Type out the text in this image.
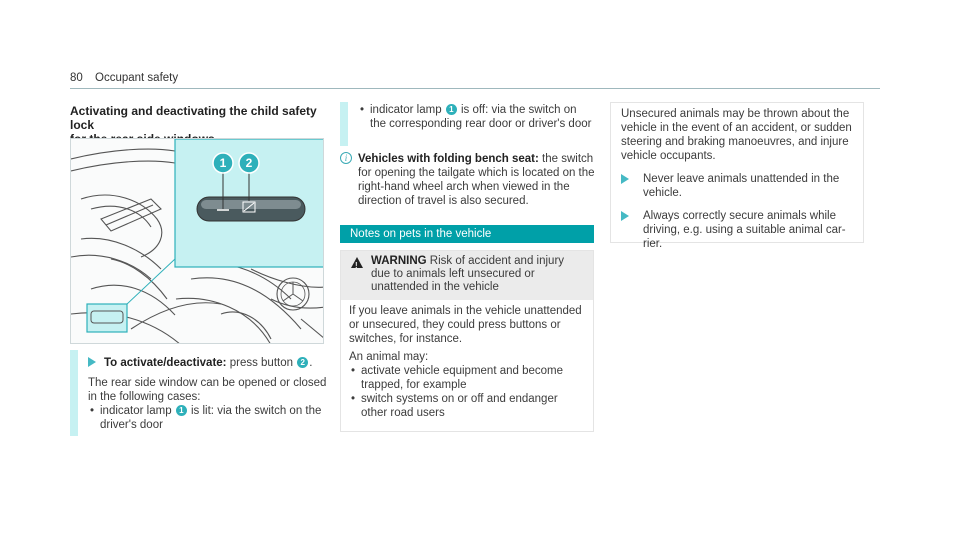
80 Occupant safety
Activating and deactivating the child safety lock
1 2
To activate/deactivate: press button 2 .
The rear side window can be opened or closed in the following cases:
• indicator lamp 1 is lit: via the switch on the driver's door
• indicator lamp 1 is off: via the switch on the corresponding rear door or driver's door
i Vehicles with folding bench seat: the switch for opening the tailgate which is located on the right-hand wheel arch when viewed in the direction of travel is also secured.
Notes on pets in the vehicle
! WARNING Risk of accident and injury due to animals left unsecured or unattended in the vehicle
If you leave animals in the vehicle unattended or unsecured, they could press buttons or switches, for instance.
An animal may:
• activate vehicle equipment and become trapped, for example
• switch systems on or off and endanger other road users
Unsecured animals may be thrown about the vehicle in the event of an accident, or sudden steering and braking manoeuvres, and injure vehicle occupants.
Never leave animals unattended in the vehicle.
Always correctly secure animals while driving, e.g. using a suitable animal car-rier.
